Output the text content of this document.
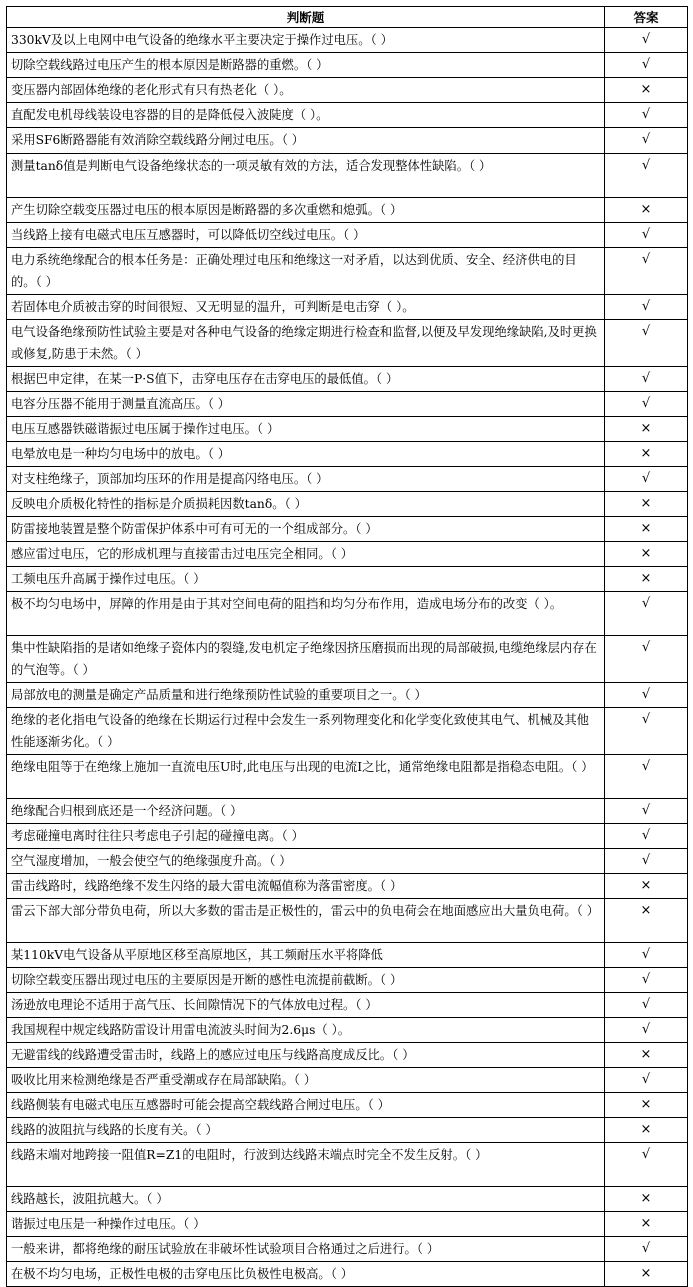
判断题	答案
330kV及以上电网中电气设备的绝缘水平主要决定于操作过电压。（ ）	√
切除空载线路过电压产生的根本原因是断路器的重燃。（ ）	√
变压器内部固体绝缘的老化形式有只有热老化（ ）。	×
直配发电机母线装设电容器的目的是降低侵入波陡度（ ）。	√
采用SF6断路器能有效消除空载线路分闸过电压。（ ）	√
测量tanδ值是判断电气设备绝缘状态的一项灵敏有效的方法，适合发现整体性缺陷。（ ）	√
产生切除空载变压器过电压的根本原因是断路器的多次重燃和熄弧。（ ）	×
当线路上接有电磁式电压互感器时，可以降低切空线过电压。（ ）	√
电力系统绝缘配合的根本任务是：正确处理过电压和绝缘这一对矛盾，以达到优质、安全、经济供电的目的。（ ）	√
若固体电介质被击穿的时间很短、又无明显的温升，可判断是电击穿（ ）。	√
电气设备绝缘预防性试验主要是对各种电气设备的绝缘定期进行检查和监督,以便及早发现绝缘缺陷,及时更换或修复,防患于未然。（ ）	√
根据巴申定律，在某一P·S值下，击穿电压存在击穿电压的最低值。（ ）	√
电容分压器不能用于测量直流高压。（ ）	√
电压互感器铁磁谐振过电压属于操作过电压。（ ）	×
电晕放电是一种均匀电场中的放电。（ ）	×
对支柱绝缘子，顶部加均压环的作用是提高闪络电压。（ ）	√
反映电介质极化特性的指标是介质损耗因数tanδ。（ ）	×
防雷接地装置是整个防雷保护体系中可有可无的一个组成部分。（ ）	×
感应雷过电压，它的形成机理与直接雷击过电压完全相同。（ ）	×
工频电压升高属于操作过电压。（ ）	×
极不均匀电场中，屏障的作用是由于其对空间电荷的阻挡和均匀分布作用，造成电场分布的改变（ ）。	√
集中性缺陷指的是诸如绝缘子瓷体内的裂缝,发电机定子绝缘因挤压磨损而出现的局部破损,电缆绝缘层内存在的气泡等。（ ）	√
局部放电的测量是确定产品质量和进行绝缘预防性试验的重要项目之一。（ ）	√
绝缘的老化指电气设备的绝缘在长期运行过程中会发生一系列物理变化和化学变化致使其电气、机械及其他性能逐渐劣化。（ ）	√
绝缘电阻等于在绝缘上施加一直流电压U时,此电压与出现的电流I之比，通常绝缘电阻都是指稳态电阻。（ ）	√
绝缘配合归根到底还是一个经济问题。（ ）	√
考虑碰撞电离时往往只考虑电子引起的碰撞电离。（ ）	√
空气湿度增加，一般会使空气的绝缘强度升高。（ ）	√
雷击线路时，线路绝缘不发生闪络的最大雷电流幅值称为落雷密度。（ ）	×
雷云下部大部分带负电荷，所以大多数的雷击是正极性的，雷云中的负电荷会在地面感应出大量负电荷。（ ）	×
某110kV电气设备从平原地区移至高原地区，其工频耐压水平将降低	√
切除空载变压器出现过电压的主要原因是开断的感性电流提前截断。（ ）	√
汤逊放电理论不适用于高气压、长间隙情况下的气体放电过程。（ ）	√
我国规程中规定线路防雷设计用雷电流波头时间为2.6μs（ ）。	√
无避雷线的线路遭受雷击时，线路上的感应过电压与线路高度成反比。（ ）	×
吸收比用来检测绝缘是否严重受潮或存在局部缺陷。（ ）	√
线路侧装有电磁式电压互感器时可能会提高空载线路合闸过电压。（ ）	×
线路的波阻抗与线路的长度有关。（ ）	×
线路末端对地跨接一阻值R=Z1的电阻时，行波到达线路末端点时完全不发生反射。（ ）	√
线路越长，波阻抗越大。（ ）	×
谐振过电压是一种操作过电压。（ ）	×
一般来讲，都将绝缘的耐压试验放在非破坏性试验项目合格通过之后进行。（ ）	√
在极不均匀电场，正极性电极的击穿电压比负极性电极高。（ ）	×
